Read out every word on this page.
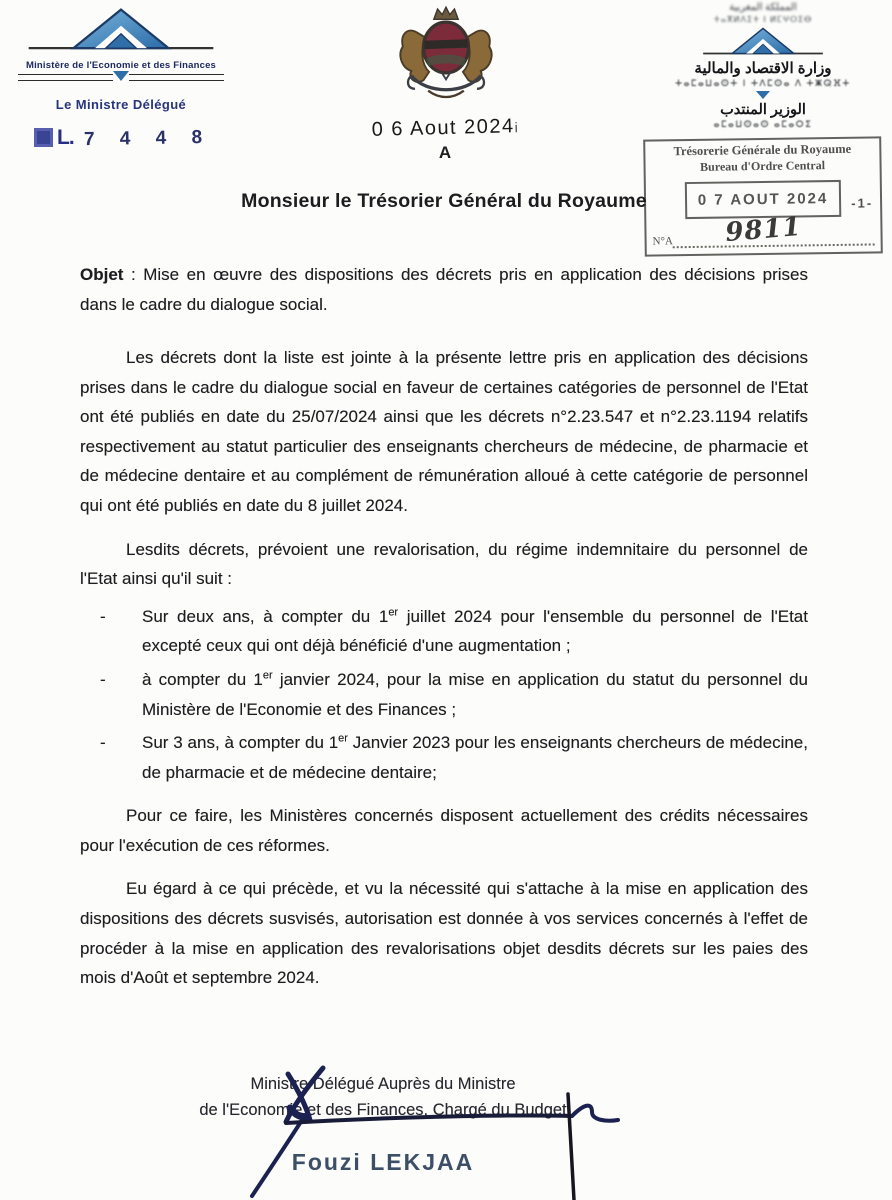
Ministère de l'Economie et des Finances
Le Ministre Délégué
L. 7 4 4 8	0 6 Aout 2024i
A
المملكة المغربية
ⵜⴰⴳⵍⴷⵉⵜ ⵏ ⵍⵎⵖⵔⵉⴱ
وزارة الاقتصاد والمالية
ⵜⴰⵎⴰⵡⴰⵙⵜ ⵏ ⵜⴷⵎⵙⴰ ⴷ ⵜⵥⵕⴼⵜ
الوزير المنتدب
ⴰⵎⴰⵡⵙⴰⵙ ⴰⵎⴰⵔⵉ
Trésorerie Générale du Royaume
Bureau d'Ordre Central
0 7 AOUT 2024 -1-
N°A 9811
Monsieur le Trésorier Général du Royaume

Objet : Mise en œuvre des dispositions des décrets pris en application des décisions prises dans le cadre du dialogue social.

Les décrets dont la liste est jointe à la présente lettre pris en application des décisions prises dans le cadre du dialogue social en faveur de certaines catégories de personnel de l'Etat ont été publiés en date du 25/07/2024 ainsi que les décrets n°2.23.547 et n°2.23.1194 relatifs respectivement au statut particulier des enseignants chercheurs de médecine, de pharmacie et de médecine dentaire et au complément de rémunération alloué à cette catégorie de personnel qui ont été publiés en date du 8 juillet 2024.

Lesdits décrets, prévoient une revalorisation, du régime indemnitaire du personnel de l'Etat ainsi qu'il suit :

-	Sur deux ans, à compter du 1er juillet 2024 pour l'ensemble du personnel de l'Etat excepté ceux qui ont déjà bénéficié d'une augmentation ;
-	à compter du 1er janvier 2024, pour la mise en application du statut du personnel du Ministère de l'Economie et des Finances ;
-	Sur 3 ans, à compter du 1er Janvier 2023 pour les enseignants chercheurs de médecine, de pharmacie et de médecine dentaire;

Pour ce faire, les Ministères concernés disposent actuellement des crédits nécessaires pour l'exécution de ces réformes.

Eu égard à ce qui précède, et vu la nécessité qui s'attache à la mise en application des dispositions des décrets susvisés, autorisation est donnée à vos services concernés à l'effet de procéder à la mise en application des revalorisations objet desdits décrets sur les paies des mois d'Août et septembre 2024.

Ministre Délégué Auprès du Ministre
de l'Economie et des Finances, Chargé du Budget
Fouzi LEKJAA
